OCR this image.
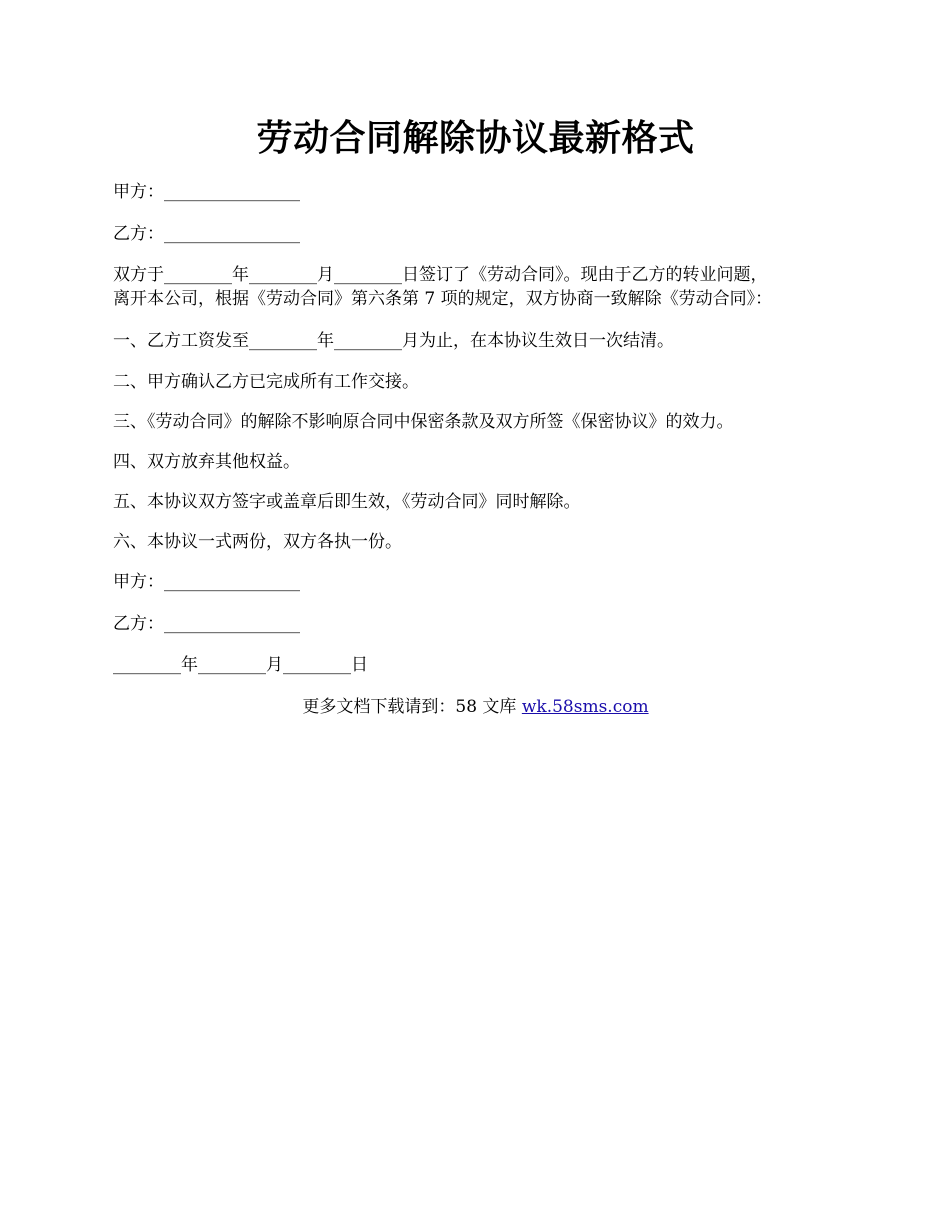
劳动合同解除协议最新格式
甲方：________________
乙方：________________
双方于________年________月________日签订了《劳动合同》。现由于乙方的转业问题，
离开本公司，根据《劳动合同》第六条第 7 项的规定，双方协商一致解除《劳动合同》：
一、乙方工资发至________年________月为止，在本协议生效日一次结清。
二、甲方确认乙方已完成所有工作交接。
三、《劳动合同》的解除不影响原合同中保密条款及双方所签《保密协议》的效力。
四、双方放弃其他权益。
五、本协议双方签字或盖章后即生效，《劳动合同》同时解除。
六、本协议一式两份，双方各执一份。
甲方：________________
乙方：________________
________年________月________日
更多文档下载请到：58 文库 wk.58sms.com
